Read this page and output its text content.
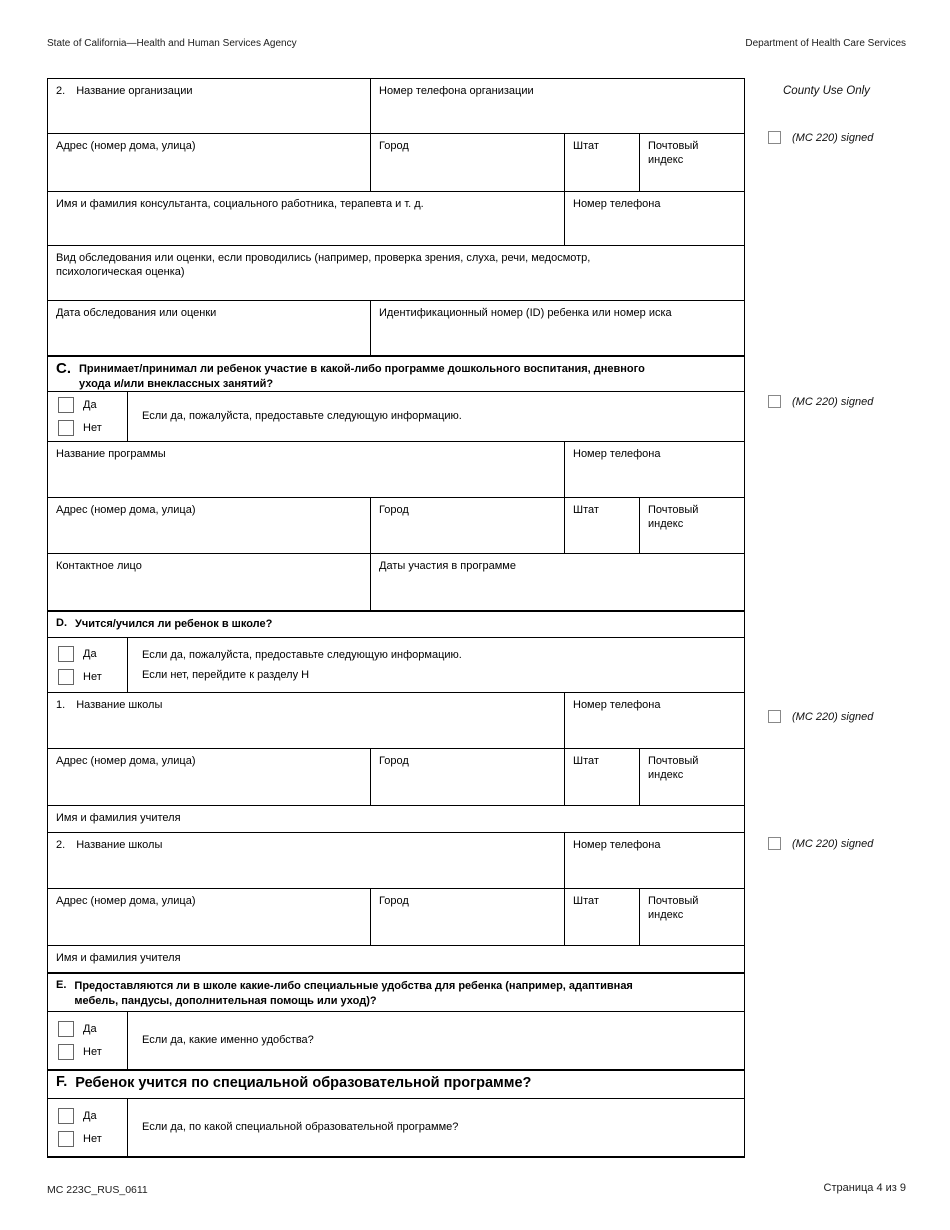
State of California—Health and Human Services Agency	Department of Health Care Services
2. Название организации	Номер телефона организации
Адрес (номер дома, улица)	Город	Штат	Почтовый индекс
Имя и фамилия консультанта, социального работника, терапевта и т. д.	Номер телефона
Вид обследования или оценки, если проводились (например, проверка зрения, слуха, речи, медосмотр, психологическая оценка)
Дата обследования или оценки	Идентификационный номер (ID) ребенка или номер иска
C. Принимает/принимал ли ребенок участие в какой-либо программе дошкольного воспитания, дневного ухода и/или внеклассных занятий?
Да
Нет
Если да, пожалуйста, предоставьте следующую информацию.
Название программы	Номер телефона
Адрес (номер дома, улица)	Город	Штат	Почтовый индекс
Контактное лицо	Даты участия в программе
D. Учится/учился ли ребенок в школе?
Да
Нет
Если да, пожалуйста, предоставьте следующую информацию.
Если нет, перейдите к разделу H
1. Название школы	Номер телефона
Адрес (номер дома, улица)	Город	Штат	Почтовый индекс
Имя и фамилия учителя
2. Название школы	Номер телефона
Адрес (номер дома, улица)	Город	Штат	Почтовый индекс
Имя и фамилия учителя
E. Предоставляются ли в школе какие-либо специальные удобства для ребенка (например, адаптивная мебель, пандусы, дополнительная помощь или уход)?
Да
Нет
Если да, какие именно удобства?
F. Ребенок учится по специальной образовательной программе?
Да
Нет
Если да, по какой специальной образовательной программе?
County Use Only
(MC 220) signed
(MC 220) signed
(MC 220) signed
(MC 220) signed
MC 223C_RUS_0611	Страница 4 из 9
